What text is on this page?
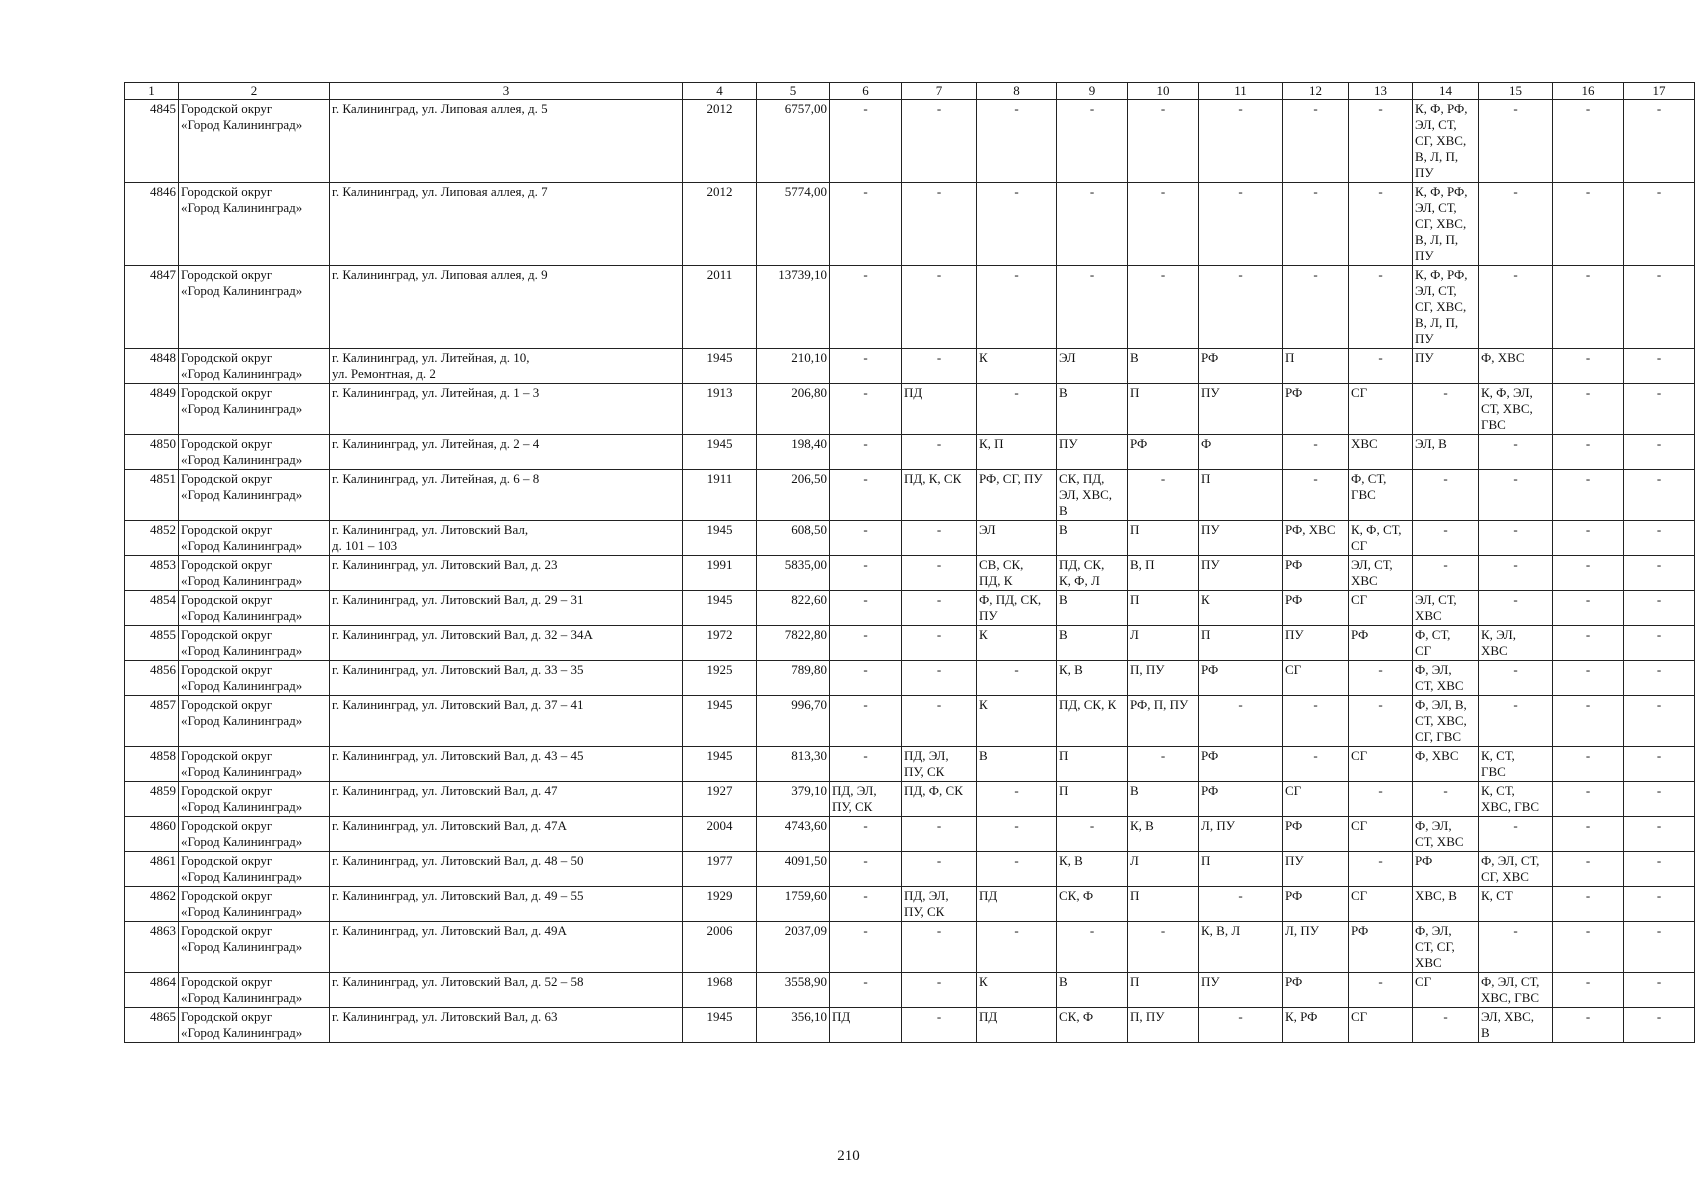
1	2	3	4	5	6	7	8	9	10	11	12	13	14	15	16	17
4845	Городской округ
«Город Калининград»	г. Калининград, ул. Липовая аллея, д. 5	2012	6757,00	-	-	-	-	-	-	-	-	К, Ф, РФ,
ЭЛ, СТ,
СГ, ХВС,
В, Л, П,
ПУ	-	-	-
4846	Городской округ
«Город Калининград»	г. Калининград, ул. Липовая аллея, д. 7	2012	5774,00	-	-	-	-	-	-	-	-	К, Ф, РФ,
ЭЛ, СТ,
СГ, ХВС,
В, Л, П,
ПУ	-	-	-
4847	Городской округ
«Город Калининград»	г. Калининград, ул. Липовая аллея, д. 9	2011	13739,10	-	-	-	-	-	-	-	-	К, Ф, РФ,
ЭЛ, СТ,
СГ, ХВС,
В, Л, П,
ПУ	-	-	-
4848	Городской округ
«Город Калининград»	г. Калининград, ул. Литейная, д. 10,
ул. Ремонтная, д. 2	1945	210,10	-	-	К	ЭЛ	В	РФ	П	-	ПУ	Ф, ХВС	-	-
4849	Городской округ
«Город Калининград»	г. Калининград, ул. Литейная, д. 1 – 3	1913	206,80	-	ПД	-	В	П	ПУ	РФ	СГ	-	К, Ф, ЭЛ,
СТ, ХВС,
ГВС	-	-
4850	Городской округ
«Город Калининград»	г. Калининград, ул. Литейная, д. 2 – 4	1945	198,40	-	-	К, П	ПУ	РФ	Ф	-	ХВС	ЭЛ, В	-	-	-
4851	Городской округ
«Город Калининград»	г. Калининград, ул. Литейная, д. 6 – 8	1911	206,50	-	ПД, К, СК	РФ, СГ, ПУ	СК, ПД,
ЭЛ, ХВС,
В	-	П	-	Ф, СТ,
ГВС	-	-	-	-
4852	Городской округ
«Город Калининград»	г. Калининград, ул. Литовский Вал,
д. 101 – 103	1945	608,50	-	-	ЭЛ	В	П	ПУ	РФ, ХВС	К, Ф, СТ,
СГ	-	-	-	-
4853	Городской округ
«Город Калининград»	г. Калининград, ул. Литовский Вал, д. 23	1991	5835,00	-	-	СВ, СК,
ПД, К	ПД, СК,
К, Ф, Л	В, П	ПУ	РФ	ЭЛ, СТ,
ХВС	-	-	-	-
4854	Городской округ
«Город Калининград»	г. Калининград, ул. Литовский Вал, д. 29 – 31	1945	822,60	-	-	Ф, ПД, СК,
ПУ	В	П	К	РФ	СГ	ЭЛ, СТ,
ХВС	-	-	-
4855	Городской округ
«Город Калининград»	г. Калининград, ул. Литовский Вал, д. 32 – 34А	1972	7822,80	-	-	К	В	Л	П	ПУ	РФ	Ф, СТ,
СГ	К, ЭЛ,
ХВС	-	-
4856	Городской округ
«Город Калининград»	г. Калининград, ул. Литовский Вал, д. 33 – 35	1925	789,80	-	-	-	К, В	П, ПУ	РФ	СГ	-	Ф, ЭЛ,
СТ, ХВС	-	-	-
4857	Городской округ
«Город Калининград»	г. Калининград, ул. Литовский Вал, д. 37 – 41	1945	996,70	-	-	К	ПД, СК, К	РФ, П, ПУ	-	-	-	Ф, ЭЛ, В,
СТ, ХВС,
СГ, ГВС	-	-	-
4858	Городской округ
«Город Калининград»	г. Калининград, ул. Литовский Вал, д. 43 – 45	1945	813,30	-	ПД, ЭЛ,
ПУ, СК	В	П	-	РФ	-	СГ	Ф, ХВС	К, СТ,
ГВС	-	-
4859	Городской округ
«Город Калининград»	г. Калининград, ул. Литовский Вал, д. 47	1927	379,10	ПД, ЭЛ,
ПУ, СК	ПД, Ф, СК	-	П	В	РФ	СГ	-	-	К, СТ,
ХВС, ГВС	-	-
4860	Городской округ
«Город Калининград»	г. Калининград, ул. Литовский Вал, д. 47А	2004	4743,60	-	-	-	-	К, В	Л, ПУ	РФ	СГ	Ф, ЭЛ,
СТ, ХВС	-	-	-
4861	Городской округ
«Город Калининград»	г. Калининград, ул. Литовский Вал, д. 48 – 50	1977	4091,50	-	-	-	К, В	Л	П	ПУ	-	РФ	Ф, ЭЛ, СТ,
СГ, ХВС	-	-
4862	Городской округ
«Город Калининград»	г. Калининград, ул. Литовский Вал, д. 49 – 55	1929	1759,60	-	ПД, ЭЛ,
ПУ, СК	ПД	СК, Ф	П	-	РФ	СГ	ХВС, В	К, СТ	-	-
4863	Городской округ
«Город Калининград»	г. Калининград, ул. Литовский Вал, д. 49А	2006	2037,09	-	-	-	-	-	К, В, Л	Л, ПУ	РФ	Ф, ЭЛ,
СТ, СГ,
ХВС	-	-	-
4864	Городской округ
«Город Калининград»	г. Калининград, ул. Литовский Вал, д. 52 – 58	1968	3558,90	-	-	К	В	П	ПУ	РФ	-	СГ	Ф, ЭЛ, СТ,
ХВС, ГВС	-	-
4865	Городской округ
«Город Калининград»	г. Калининград, ул. Литовский Вал, д. 63	1945	356,10	ПД	-	ПД	СК, Ф	П, ПУ	-	К, РФ	СГ	-	ЭЛ, ХВС,
В	-	-
210
